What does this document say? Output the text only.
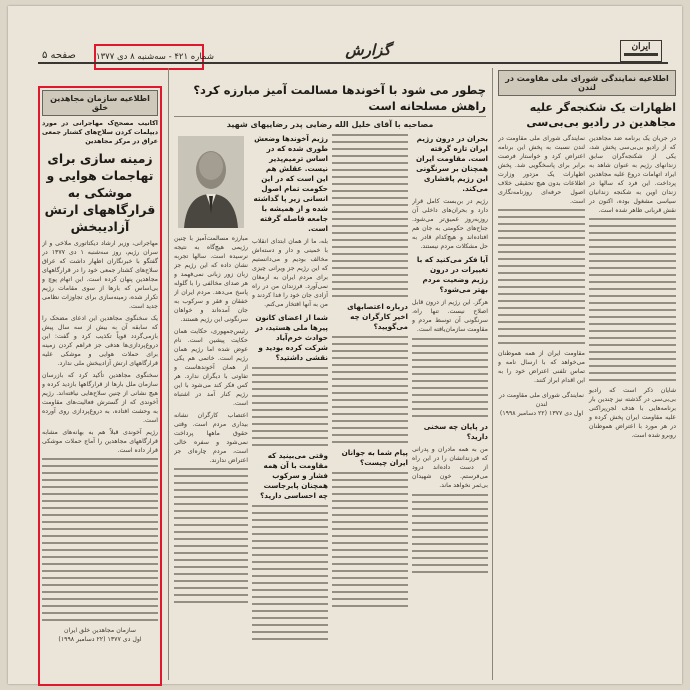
ایران
گزارش
صفحه ۵ شماره ۴۲۱ - سه‌شنبه ۸ دی ۱۳۷۷
اطلاعیه سازمان مجاهدین خلق
اکانیب مصحح‌ک مهاجرانی در مورد دیپلمات کردن سلاح‌های کشتار جمعی عراق در مرکز مجاهدین
زمینه سازی برای تهاجمات هوایی و موشکی به قرارگاههای ارتش آزادیبخش
مهاجرانی، وزیر ارشاد دیکتاتوری ملاخی و از سران رژیم، روز سه‌شنبه ۱ دی ۱۳۷۷ در گفتگو با خبرنگاران اظهار داشت که عراق سلاح‌های کشتار جمعی خود را در قرارگاههای مجاهدین پنهان کرده است. این اتهام پوچ و بی‌اساس که بارها از سوی مقامات رژیم تکرار شده، زمینه‌سازی برای تجاوزات نظامی جدید است.
یک سخنگوی مجاهدین این ادعای مضحک را که سابقه آن به بیش از سه سال پیش بازمی‌گردد قویاً تکذیب کرد و گفت: این دروغ‌پردازی‌ها هدفی جز فراهم کردن زمینه برای حملات هوایی و موشکی علیه قرارگاههای ارتش آزادیبخش ملی ندارد.
سخنگوی مجاهدین تأکید کرد که بازرسان سازمان ملل بارها از قرارگاهها بازدید کرده و هیچ نشانی از چنین سلاح‌هایی نیافته‌اند. رژیم آخوندی که از گسترش فعالیت‌های مقاومت به وحشت افتاده، به دروغ‌پردازی روی آورده است.
رژیم آخوندی قبلاً هم به بهانه‌های مشابه قرارگاههای مجاهدین را آماج حملات موشکی قرار داده است.
سازمان مجاهدین خلق ایران
اول دی ۱۳۷۷ (۲۲ دسامبر ۱۹۹۸)
چطور می شود با آخوندها مسالمت آمیز مبارزه کرد؟ راهش مسلحانه است
مصاحبه با آقای خلیل الله رضایی پدر رضاییهای شهید
مبارزه مسالمت‌آمیز با چنین رژیمی هیچ‌گاه به نتیجه نرسیده است. سالها تجربه نشان داده که این رژیم جز زبان زور زبانی نمی‌فهمد و هر صدای مخالفی را با گلوله پاسخ می‌دهد. مردم ایران از خفقان و فقر و سرکوب به جان آمده‌اند و خواهان سرنگونی این رژیم هستند.
رئیس‌جمهوری، حکایت همان حکایت پیشین است. نام عوض شده اما رژیم همان رژیم است. خاتمی هم یکی از همان آخوندهاست و تفاوتی با دیگران ندارد. هر کس فکر کند می‌شود با این رژیم کنار آمد در اشتباه است.
اعتصاب کارگران نشانه بیداری مردم است. وقتی حقوق ماهها پرداخت نمی‌شود و سفره خالی است، مردم چاره‌ای جز اعتراض ندارند.
رژیم آخوندها وضعش طوری شده که در اساس ترمیم‌پذیر نیست. عقلش هم این است که در این حکومت تمام اصول انسانی زیر پا گذاشته شده و از همیشه با جامعه فاصله گرفته است.
بله، ما از همان ابتدای انقلاب با خمینی و دار و دسته‌اش مخالف بودیم و می‌دانستیم که این رژیم جز ویرانی چیزی برای مردم ایران به ارمغان نمی‌آورد. فرزندان من در راه آزادی جان خود را فدا کردند و من به آنها افتخار می‌کنم.
شما از اعضای کانون پیرها ملی هستید، در حوادث خرم‌آباد شرکت کرده بودید و نقشی داشتید؟
وقتی می‌بینید که مقاومت با آن همه فشار و سرکوب همچنان پابرجاست چه احساسی دارید؟
درباره اعتصابهای اخیر کارگران چه می‌گویید؟
پیام شما به جوانان ایران چیست؟
بحران در درون رژیم ایران تازه گرفته است. مقاومت ایران همچنان بر سرنگونی این رژیم پافشاری می‌کند.
رژیم در بن‌بست کامل قرار دارد و بحران‌های داخلی آن روزبه‌روز عمیق‌تر می‌شود. جناح‌های حکومتی به جان هم افتاده‌اند و هیچ‌کدام قادر به حل مشکلات مردم نیستند.
آیا فکر می‌کنید که با تغییرات در درون رژیم وضعیت مردم بهتر می‌شود؟
هرگز. این رژیم از درون قابل اصلاح نیست. تنها راه، سرنگونی آن توسط مردم و مقاومت سازمان‌یافته است.
در پایان چه سخنی دارید؟
من به همه مادران و پدرانی که فرزندانشان را در این راه از دست داده‌اند درود می‌فرستم. خون شهیدان بی‌ثمر نخواهد ماند.
اطلاعیه نمایندگی شورای ملی مقاومت در لندن
اظهارات یک شکنجه‌گر علیه مجاهدین در رادیو بی‌بی‌سی
در جریان یک برنامه ضد مجاهدین که از رادیو بی‌بی‌سی پخش شد، یکی از شکنجه‌گران سابق زندانهای رژیم به عنوان شاهد به ایراد اتهامات دروغ علیه مجاهدین پرداخت. این فرد که سالها در زندان اوین به شکنجه زندانیان سیاسی مشغول بوده، اکنون در نقش قربانی ظاهر شده است.
شایان ذکر است که رادیو بی‌بی‌سی در گذشته نیز چندین بار برنامه‌هایی با هدف لجن‌پراکنی علیه مقاومت ایران پخش کرده و در هر مورد با اعتراض هموطنان روبرو شده است.
نمایندگی شورای ملی مقاومت در لندن نسبت به پخش این برنامه اعتراض کرد و خواستار فرصت برابر برای پاسخگویی شد. پخش اظهارات یک مزدور وزارت اطلاعات بدون هیچ تحقیقی خلاف اصول حرفه‌ای روزنامه‌نگاری است.
مقاومت ایران از همه هموطنان می‌خواهد که با ارسال نامه و تماس تلفنی اعتراض خود را به این اقدام ابراز کنند.
نمایندگی شورای ملی مقاومت در لندن
اول دی ۱۳۷۷ (۲۲ دسامبر ۱۹۹۸)
